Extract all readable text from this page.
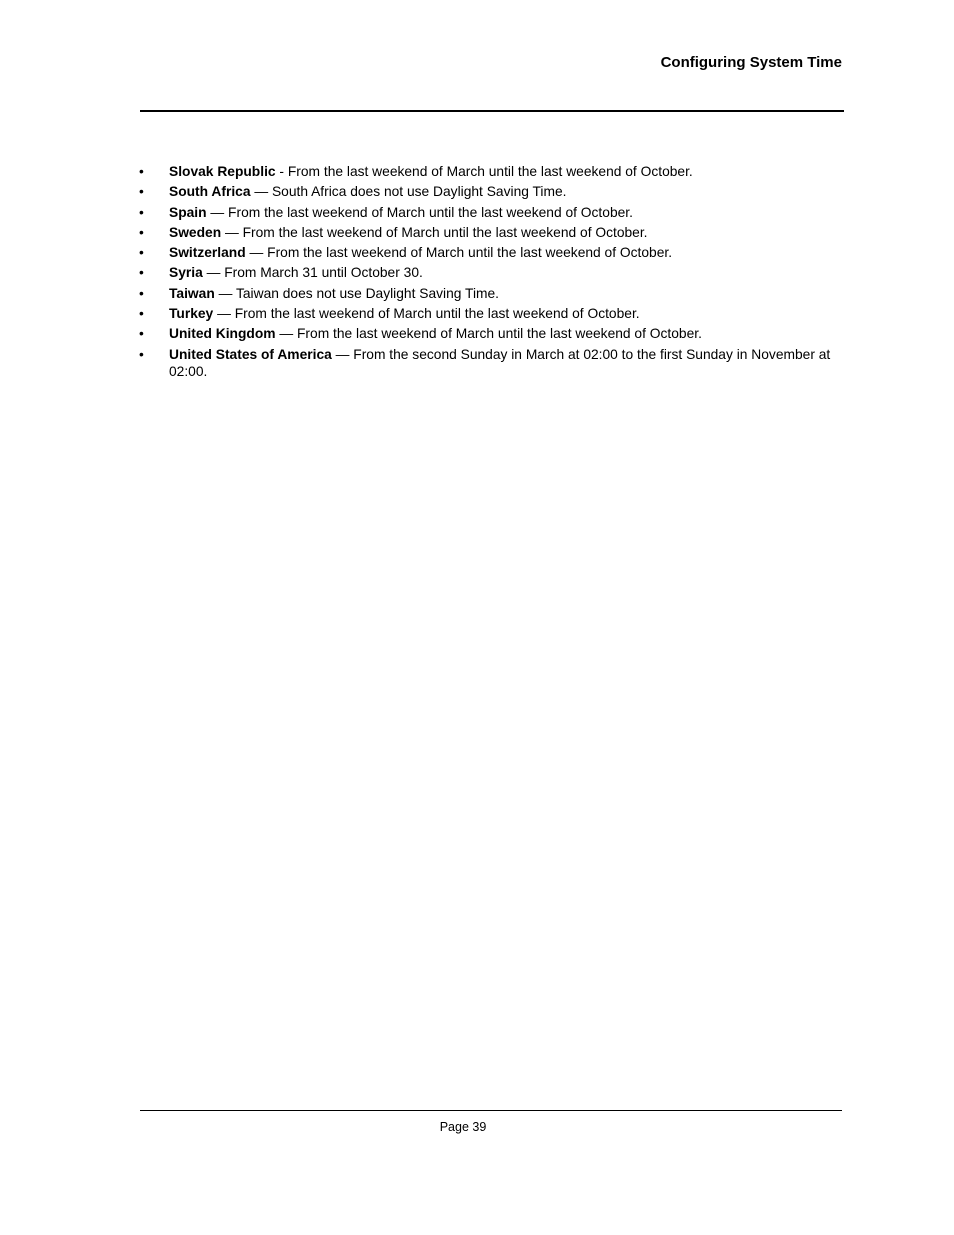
Configuring System Time
• Slovak Republic - From the last weekend of March until the last weekend of October.
• South Africa — South Africa does not use Daylight Saving Time.
• Spain — From the last weekend of March until the last weekend of October.
• Sweden — From the last weekend of March until the last weekend of October.
• Switzerland — From the last weekend of March until the last weekend of October.
• Syria — From March 31 until October 30.
• Taiwan — Taiwan does not use Daylight Saving Time.
• Turkey — From the last weekend of March until the last weekend of October.
• United Kingdom — From the last weekend of March until the last weekend of October.
• United States of America — From the second Sunday in March at 02:00 to the first Sunday in November at 02:00.
Page 39
